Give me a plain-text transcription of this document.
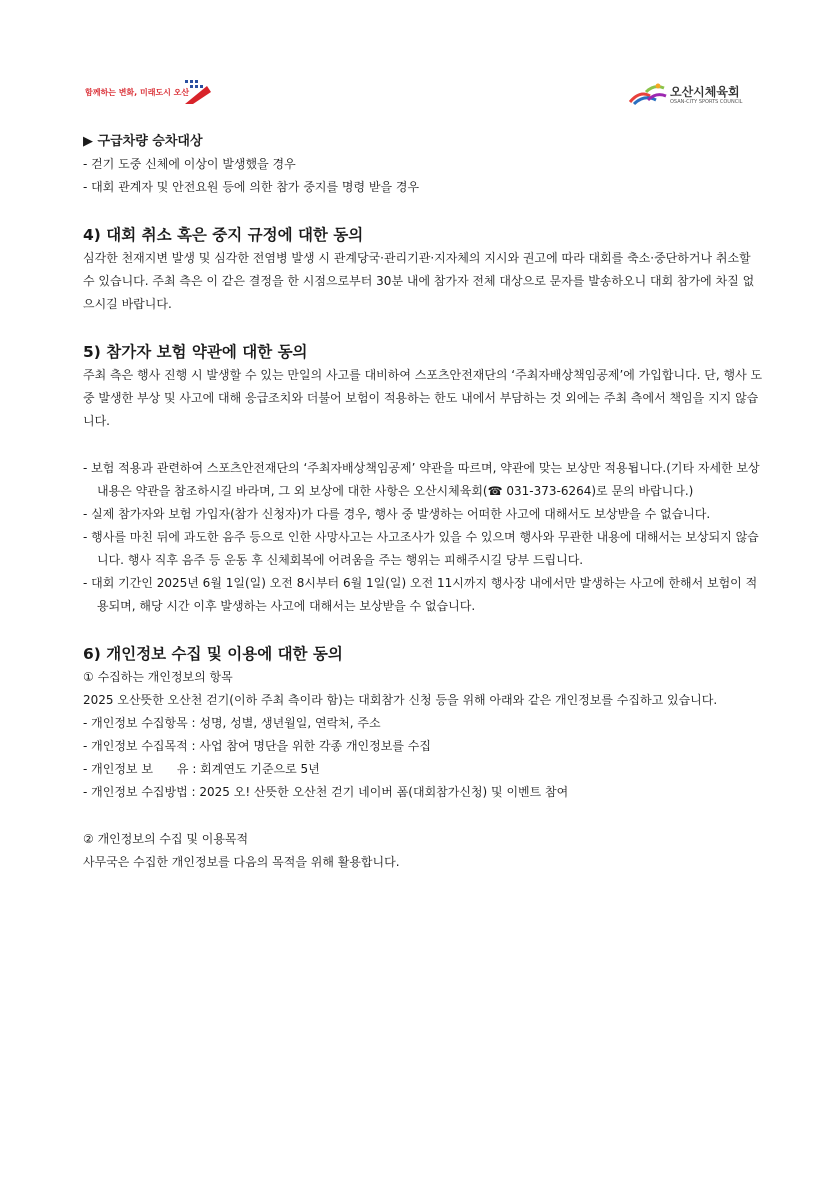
함께하는 변화, 미래도시 오산	오산시체육회
OSAN-CITY SPORTS COUNCIL

▶ 구급차량 승차대상

- 걷기 도중 신체에 이상이 발생했을 경우

- 대회 관계자 및 안전요원 등에 의한 참가 중지를 명령 받을 경우

4) 대회 취소 혹은 중지 규정에 대한 동의

심각한 천재지변 발생 및 심각한 전염병 발생 시 관계당국·관리기관·지자체의 지시와 권고에 따라 대회를 축소·중단하거나 취소할 수 있습니다. 주최 측은 이 같은 결정을 한 시점으로부터 30분 내에 참가자 전체 대상으로 문자를 발송하오니 대회 참가에 차질 없으시길 바랍니다.

5) 참가자 보험 약관에 대한 동의

주최 측은 행사 진행 시 발생할 수 있는 만일의 사고를 대비하여 스포츠안전재단의 ‘주최자배상책임공제’에 가입합니다. 단, 행사 도중 발생한 부상 및 사고에 대해 응급조치와 더불어 보험이 적용하는 한도 내에서 부담하는 것 외에는 주최 측에서 책임을 지지 않습니다.

- 보험 적용과 관련하여 스포츠안전재단의 ‘주최자배상책임공제’ 약관을 따르며, 약관에 맞는 보상만 적용됩니다.(기타 자세한 보상내용은 약관을 참조하시길 바라며, 그 외 보상에 대한 사항은 오산시체육회(☎ 031-373-6264)로 문의 바랍니다.)

- 실제 참가자와 보험 가입자(참가 신청자)가 다를 경우, 행사 중 발생하는 어떠한 사고에 대해서도 보상받을 수 없습니다.

- 행사를 마친 뒤에 과도한 음주 등으로 인한 사망사고는 사고조사가 있을 수 있으며 행사와 무관한 내용에 대해서는 보상되지 않습니다. 행사 직후 음주 등 운동 후 신체회복에 어려움을 주는 행위는 피해주시길 당부 드립니다.

- 대회 기간인 2025년 6월 1일(일) 오전 8시부터 6월 1일(일) 오전 11시까지 행사장 내에서만 발생하는 사고에 한해서 보험이 적용되며, 해당 시간 이후 발생하는 사고에 대해서는 보상받을 수 없습니다.

6) 개인정보 수집 및 이용에 대한 동의

① 수집하는 개인정보의 항목

2025 오산뜻한 오산천 걷기(이하 주최 측이라 함)는 대회참가 신청 등을 위해 아래와 같은 개인정보를 수집하고 있습니다.

- 개인정보 수집항목 : 성명, 성별, 생년월일, 연락처, 주소

- 개인정보 수집목적 : 사업 참여 명단을 위한 각종 개인정보를 수집

- 개인정보 보　　유 : 회계연도 기준으로 5년

- 개인정보 수집방법 : 2025 오! 산뜻한 오산천 걷기 네이버 폼(대회참가신청) 및 이벤트 참여

② 개인정보의 수집 및 이용목적

사무국은 수집한 개인정보를 다음의 목적을 위해 활용합니다.
